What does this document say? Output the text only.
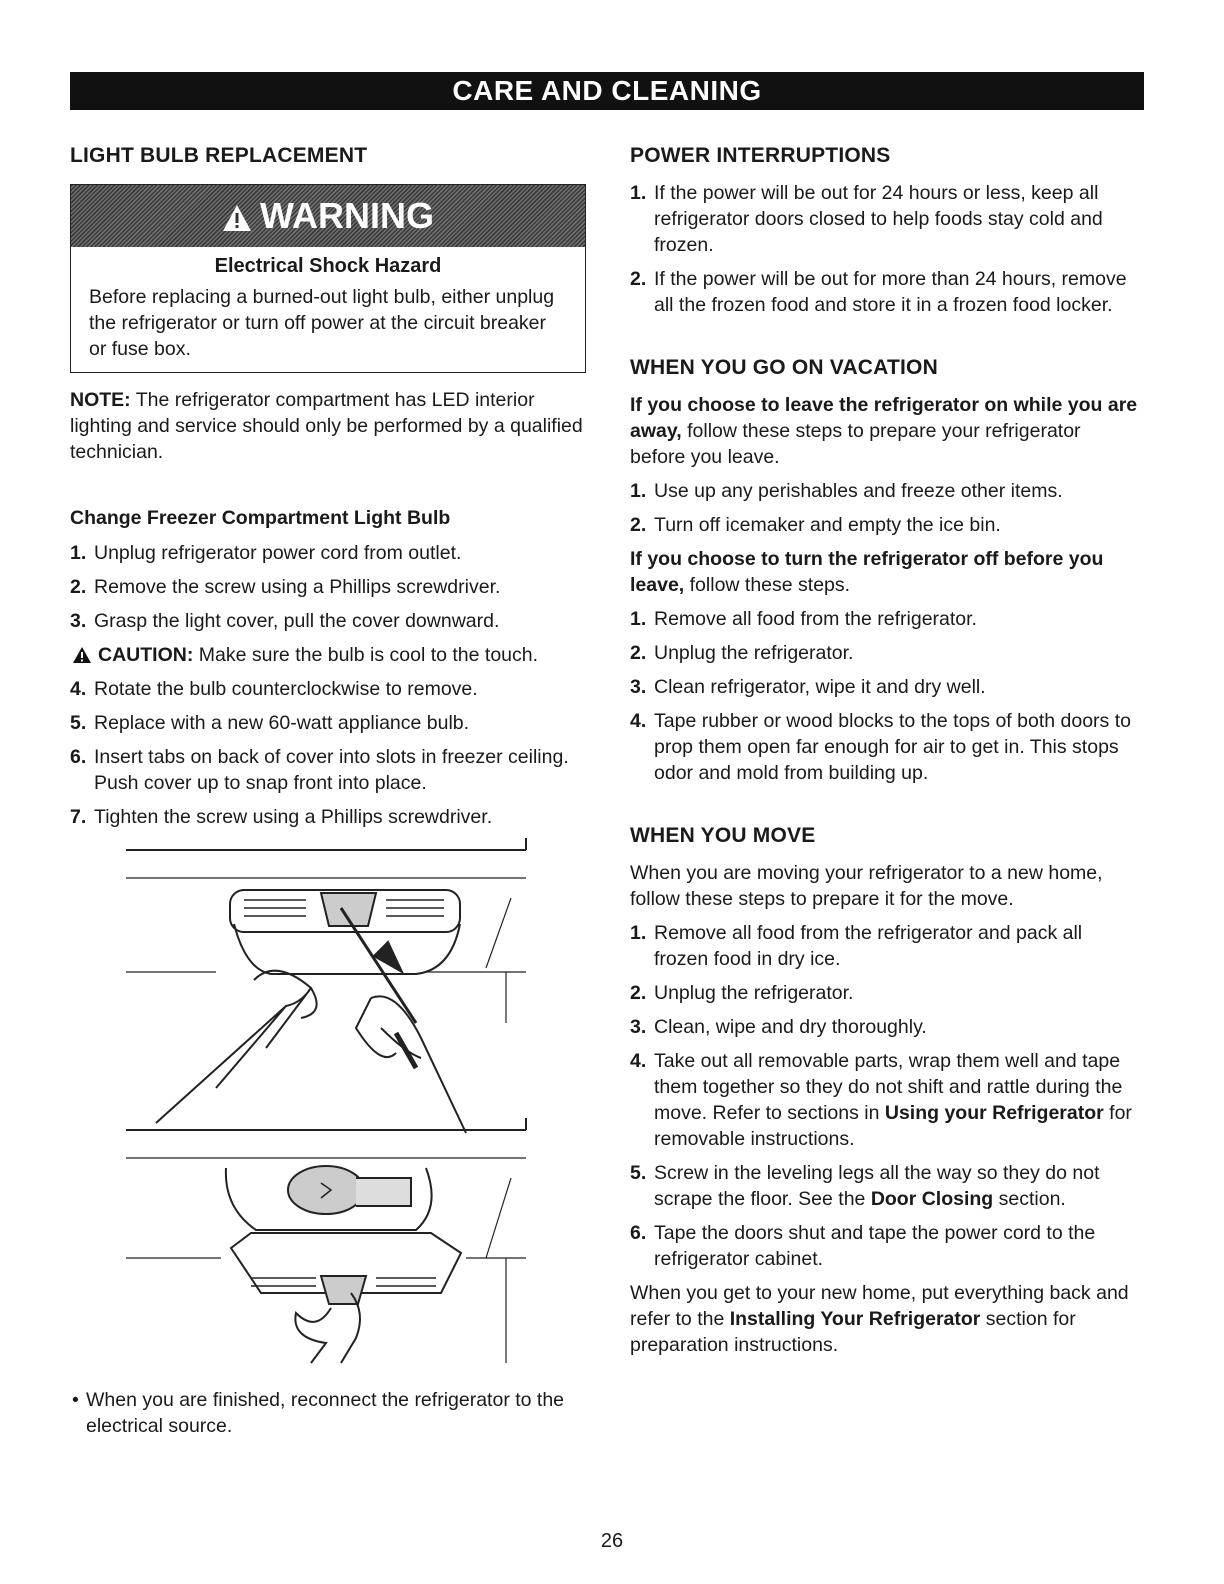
CARE AND CLEANING
LIGHT BULB REPLACEMENT
WARNING
Electrical Shock Hazard
Before replacing a burned-out light bulb, either unplug the refrigerator or turn off power at the circuit breaker or fuse box.

NOTE: The refrigerator compartment has LED interior lighting and service should only be performed by a qualified technician.

Change Freezer Compartment Light Bulb
1. Unplug refrigerator power cord from outlet.
2. Remove the screw using a Phillips screwdriver.
3. Grasp the light cover, pull the cover downward.

CAUTION: Make sure the bulb is cool to the touch.

4. Rotate the bulb counterclockwise to remove.
5. Replace with a new 60-watt appliance bulb.
6. Insert tabs on back of cover into slots in freezer ceiling. Push cover up to snap front into place.
7. Tighten the screw using a Phillips screwdriver.

• When you are finished, reconnect the refrigerator to the electrical source.

POWER INTERRUPTIONS
1. If the power will be out for 24 hours or less, keep all refrigerator doors closed to help foods stay cold and frozen.
2. If the power will be out for more than 24 hours, remove all the frozen food and store it in a frozen food locker.
WHEN YOU GO ON VACATION

If you choose to leave the refrigerator on while you are away, follow these steps to prepare your refrigerator before you leave.

1. Use up any perishables and freeze other items.
2. Turn off icemaker and empty the ice bin.

If you choose to turn the refrigerator off before you leave, follow these steps.

1. Remove all food from the refrigerator.
2. Unplug the refrigerator.
3. Clean refrigerator, wipe it and dry well.
4. Tape rubber or wood blocks to the tops of both doors to prop them open far enough for air to get in. This stops odor and mold from building up.
WHEN YOU MOVE

When you are moving your refrigerator to a new home, follow these steps to prepare it for the move.

1. Remove all food from the refrigerator and pack all frozen food in dry ice.
2. Unplug the refrigerator.
3. Clean, wipe and dry thoroughly.
4. Take out all removable parts, wrap them well and tape them together so they do not shift and rattle during the move. Refer to sections in Using your Refrigerator for removable instructions.
5. Screw in the leveling legs all the way so they do not scrape the floor. See the Door Closing section.
6. Tape the doors shut and tape the power cord to the refrigerator cabinet.

When you get to your new home, put everything back and refer to the Installing Your Refrigerator section for preparation instructions.

26
